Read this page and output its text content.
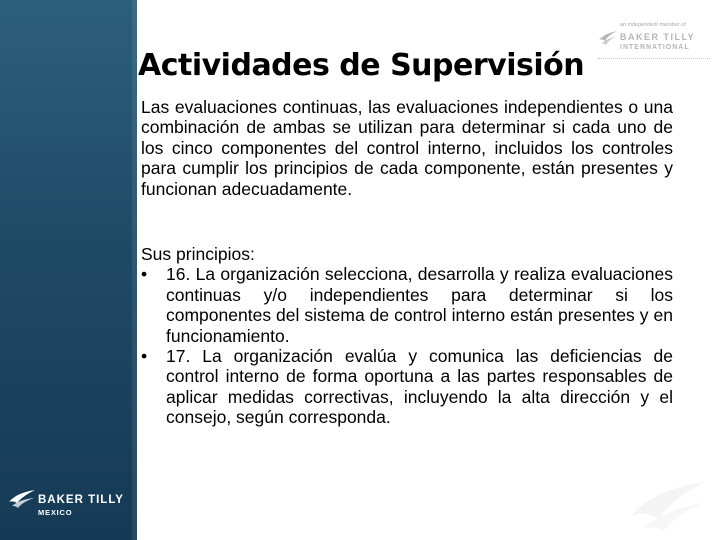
BAKER TILLY
MEXICO
an independent member of
BAKER TILLY
INTERNATIONAL
Actividades de Supervisión

Las evaluaciones continuas, las evaluaciones independientes o una combinación de ambas se utilizan para determinar si cada uno de los cinco componentes del control interno, incluidos los controles para cumplir los principios de cada componente, están presentes y funcionan adecuadamente.

Sus principios:

• 16. La organización selecciona, desarrolla y realiza evaluaciones continuas y/o independientes para determinar si los componentes del sistema de control interno están presentes y en funcionamiento.
• 17. La organización evalúa y comunica las deficiencias de control interno de forma oportuna a las partes responsables de aplicar medidas correctivas, incluyendo la alta dirección y el consejo, según corresponda.
